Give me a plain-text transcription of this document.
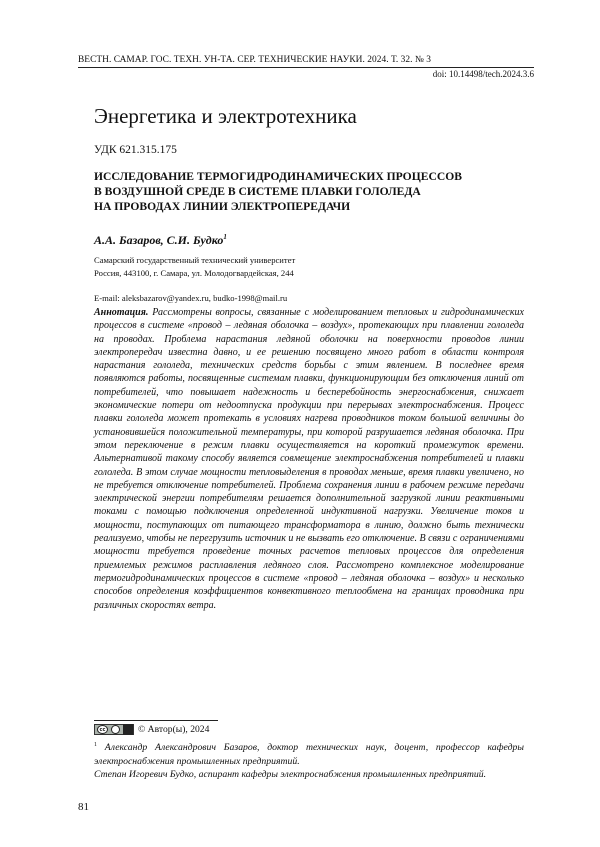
ВЕСТН. САМАР. ГОС. ТЕХН. УН-ТА. СЕР. ТЕХНИЧЕСКИЕ НАУКИ. 2024. Т. 32. № 3
doi: 10.14498/tech.2024.3.6
Энергетика и электротехника
УДК 621.315.175
ИССЛЕДОВАНИЕ ТЕРМОГИДРОДИНАМИЧЕСКИХ ПРОЦЕССОВ
В ВОЗДУШНОЙ СРЕДЕ В СИСТЕМЕ ПЛАВКИ ГОЛОЛЕДА
НА ПРОВОДАХ ЛИНИИ ЭЛЕКТРОПЕРЕДАЧИ
А.А. Базаров, С.И. Будко$^1$
Самарский государственный технический университет
Россия, 443100, г. Самара, ул. Молодогвардейская, 244
E-mail: aleksbazarov@yandex.ru, budko-1998@mail.ru
Аннотация. Рассмотрены вопросы, связанные с моделированием тепловых и гидродинамических процессов в системе «провод – ледяная оболочка – воздух», протекающих при плавлении гололеда на проводах. Проблема нарастания ледяной оболочки на поверхности проводов линии электропередач известна давно, и ее решению посвящено много работ в области контроля нарастания гололеда, технических средств борьбы с этим явлением. В последнее время появляются работы, посвященные системам плавки, функционирующим без отключения линий от потребителей, что повышает надежность и бесперебойность энергоснабжения, снижает экономические потери от недоотпуска продукции при перерывах электроснабжения. Процесс плавки гололеда может протекать в условиях нагрева проводников током большой величины до установившейся положительной температуры, при которой разрушается ледяная оболочка. При этом переключение в режим плавки осуществляется на короткий промежуток времени. Альтернативой такому способу является совмещение электроснабжения потребителей и плавки гололеда. В этом случае мощности тепловыделения в проводах меньше, время плавки увеличено, но не требуется отключение потребителей. Проблема сохранения линии в рабочем режиме передачи электрической энергии потребителям решается дополнительной загрузкой линии реактивными токами с помощью подключения определенной индуктивной нагрузки. Увеличение токов и мощности, поступающих от питающего трансформатора в линию, должно быть технически реализуемо, чтобы не перегрузить источник и не вызвать его отключение. В связи с ограничениями мощности требуется проведение точных расчетов тепловых процессов для определения приемлемых режимов расплавления ледяного слоя. Рассмотрено комплексное моделирование термогидродинамических процессов в системе «провод – ледяная оболочка – воздух» и несколько способов определения коэффициентов конвективного теплообмена на границах проводника при различных скоростях ветра.
cc	© Автор(ы), 2024

$^1$ Александр Александрович Базаров, доктор технических наук, доцент, профессор кафедры электроснабжения промышленных предприятий.

Степан Игоревич Будко, аспирант кафедры электроснабжения промышленных предприятий.

81
